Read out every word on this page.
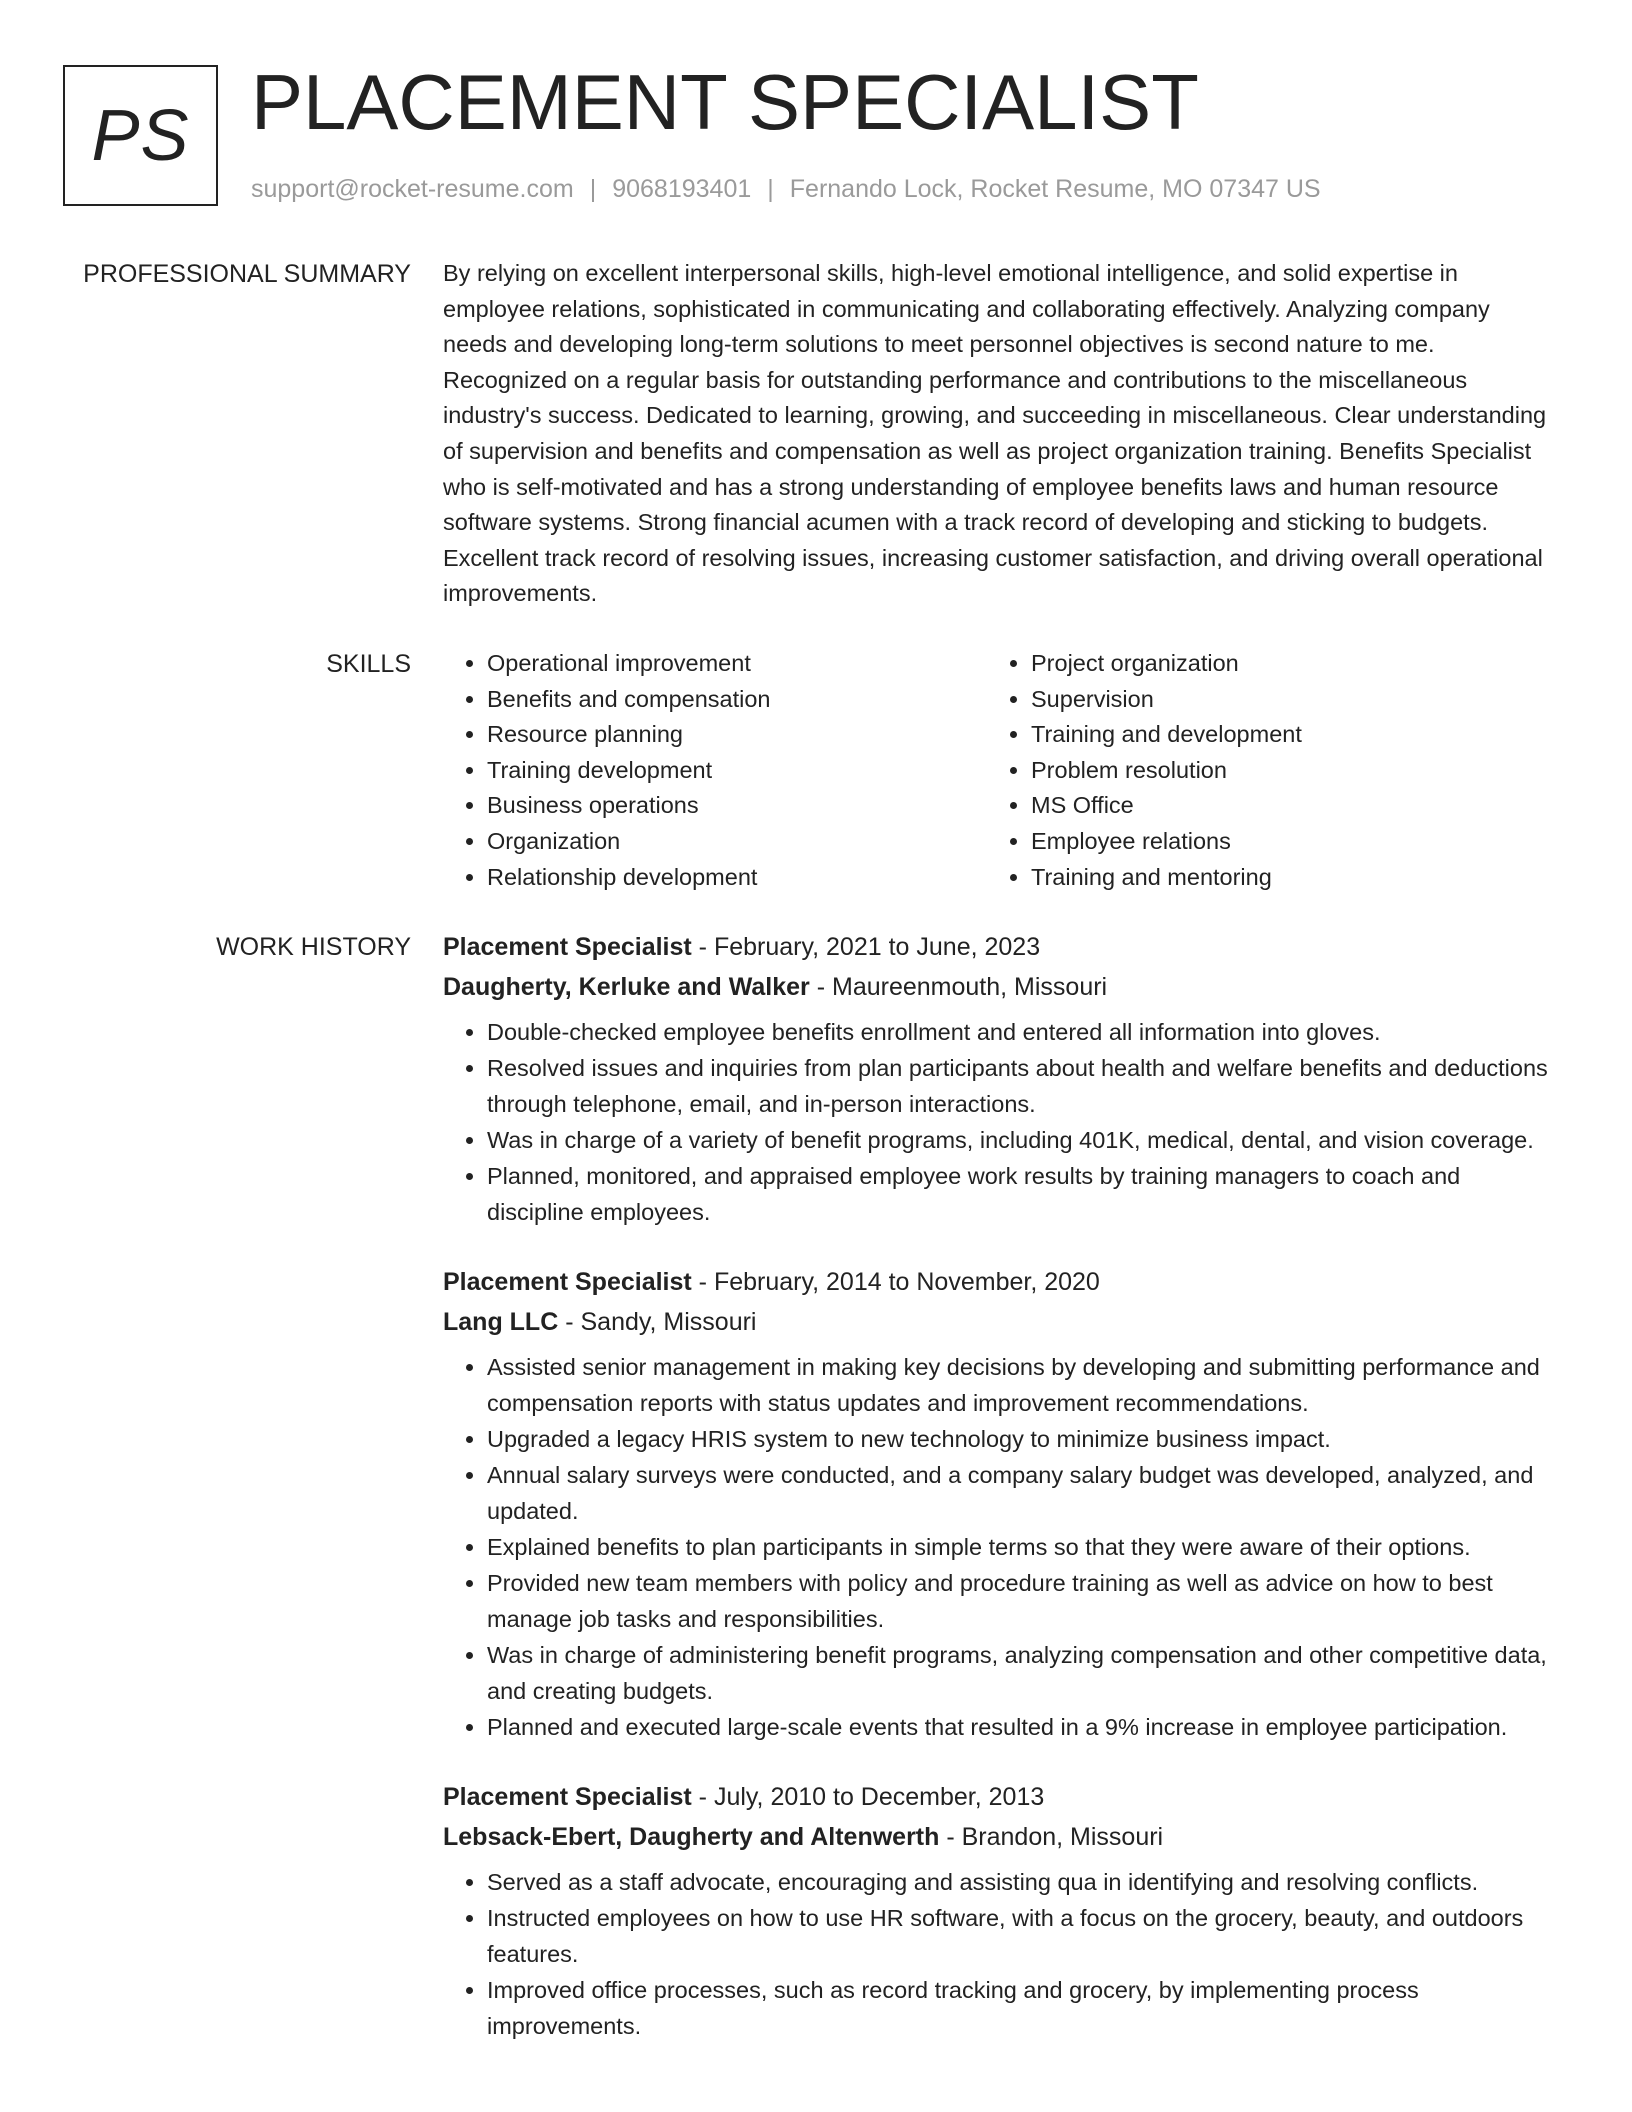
PS PLACEMENT SPECIALIST
support@rocket-resume.com | 9068193401 | Fernando Lock, Rocket Resume, MO 07347 US
PROFESSIONAL SUMMARY By relying on excellent interpersonal skills, high-level emotional intelligence, and solid expertise in employee relations, sophisticated in communicating and collaborating effectively. Analyzing company needs and developing long-term solutions to meet personnel objectives is second nature to me. Recognized on a regular basis for outstanding performance and contributions to the miscellaneous industry's success. Dedicated to learning, growing, and succeeding in miscellaneous. Clear understanding of supervision and benefits and compensation as well as project organization training. Benefits Specialist who is self-motivated and has a strong understanding of employee benefits laws and human resource software systems. Strong financial acumen with a track record of developing and sticking to budgets. Excellent track record of resolving issues, increasing customer satisfaction, and driving overall operational improvements.

SKILLS
•	Operational improvement
• Benefits and compensation
• Resource planning
• Training development
• Business operations
• Organization
• Relationship development
• Project organization
• Supervision
• Training and development
• Problem resolution
• MS Office
• Employee relations
• Training and mentoring
WORK HISTORY Placement Specialist - February, 2021 to June, 2023
Daugherty, Kerluke and Walker - Maureenmouth, Missouri
• Double-checked employee benefits enrollment and entered all information into gloves.
• Resolved issues and inquiries from plan participants about health and welfare benefits and deductions through telephone, email, and in-person interactions.
• Was in charge of a variety of benefit programs, including 401K, medical, dental, and vision coverage.
• Planned, monitored, and appraised employee work results by training managers to coach and discipline employees.
Placement Specialist - February, 2014 to November, 2020
Lang LLC - Sandy, Missouri
• Assisted senior management in making key decisions by developing and submitting performance and compensation reports with status updates and improvement recommendations.
• Upgraded a legacy HRIS system to new technology to minimize business impact.
• Annual salary surveys were conducted, and a company salary budget was developed, analyzed, and updated.
• Explained benefits to plan participants in simple terms so that they were aware of their options.
• Provided new team members with policy and procedure training as well as advice on how to best manage job tasks and responsibilities.
• Was in charge of administering benefit programs, analyzing compensation and other competitive data, and creating budgets.
• Planned and executed large-scale events that resulted in a 9% increase in employee participation.
Placement Specialist - July, 2010 to December, 2013
Lebsack-Ebert, Daugherty and Altenwerth - Brandon, Missouri
• Served as a staff advocate, encouraging and assisting qua in identifying and resolving conflicts.
• Instructed employees on how to use HR software, with a focus on the grocery, beauty, and outdoors features.
• Improved office processes, such as record tracking and grocery, by implementing process improvements.
